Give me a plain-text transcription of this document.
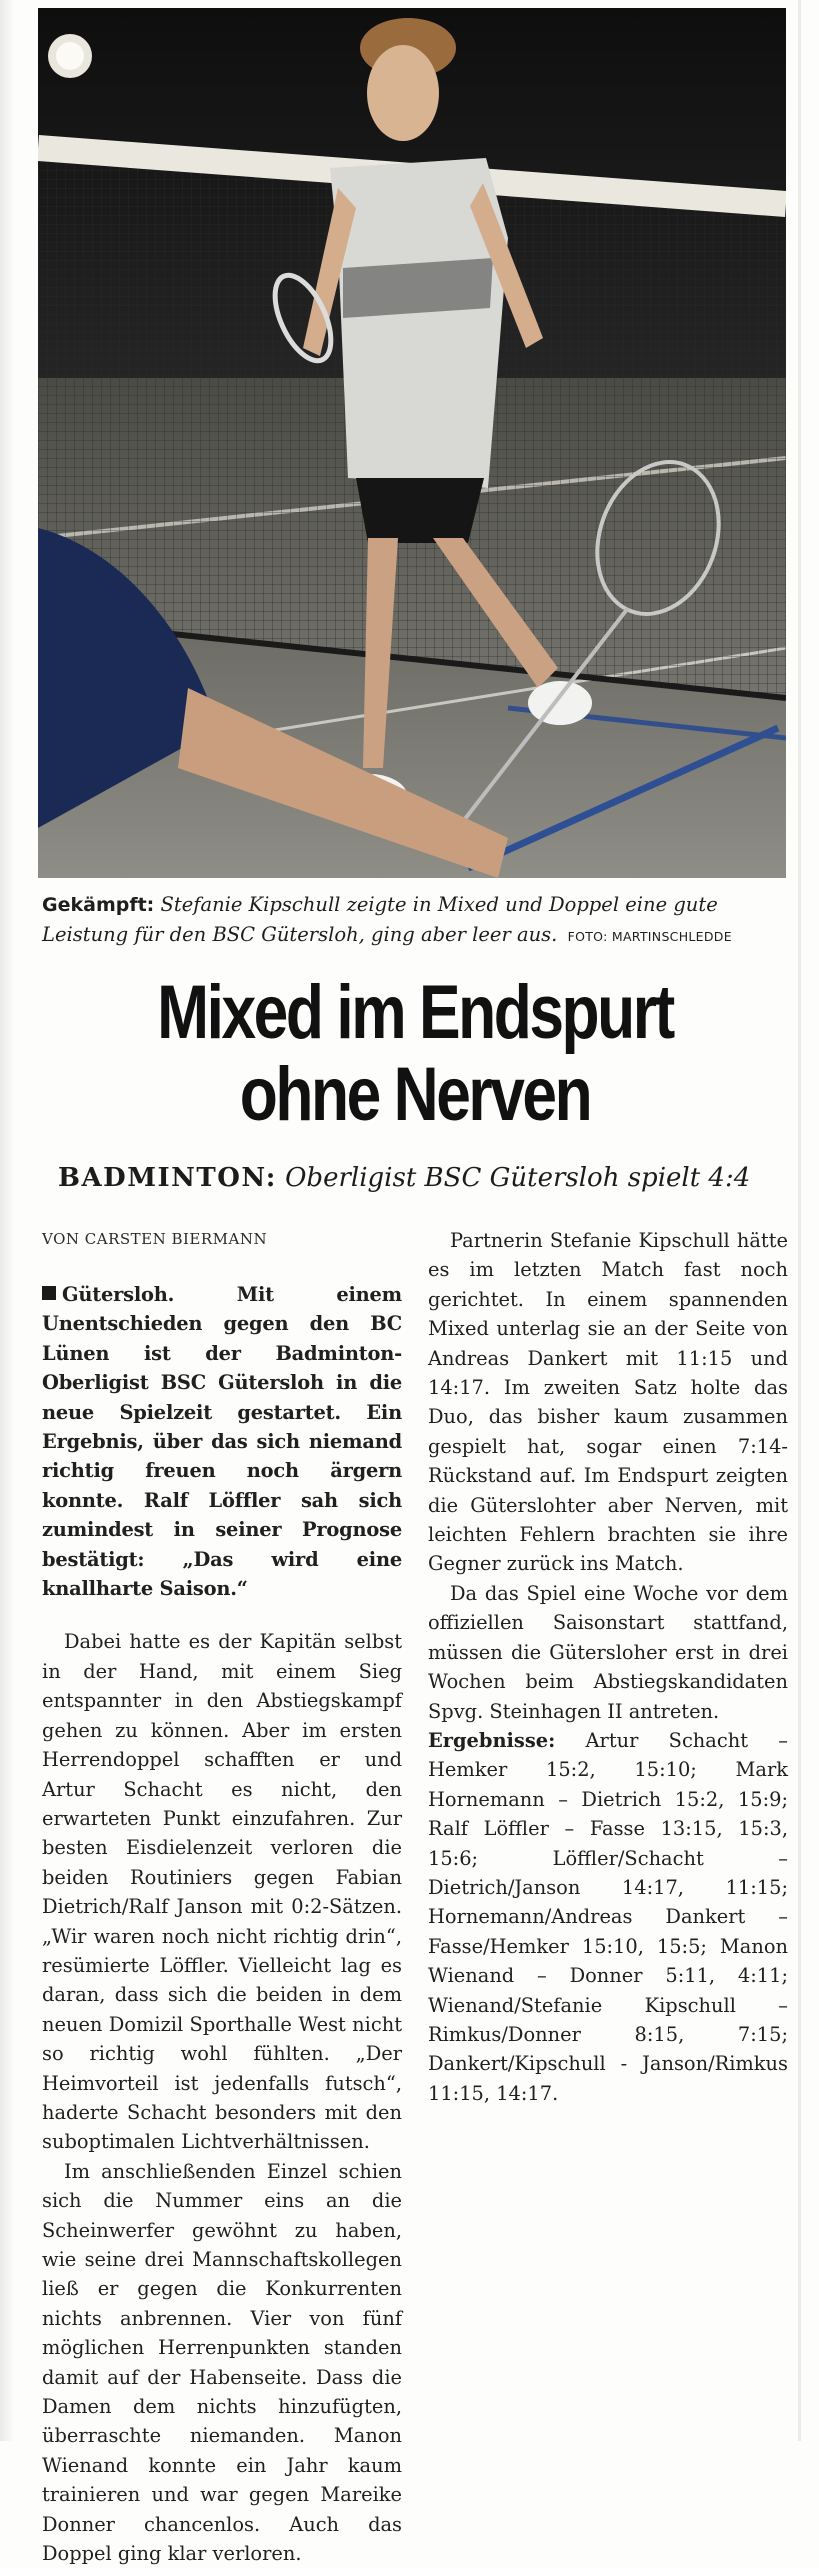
Gekämpft: Stefanie Kipschull zeigte in Mixed und Doppel eine gute Leistung für den BSC Gütersloh, ging aber leer aus. FOTO: MARTINSCHLEDDE
Mixed im Endspurt
ohne Nerven
BADMINTON: Oberligist BSC Gütersloh spielt 4:4
VON CARSTEN BIERMANN

Gütersloh. Mit einem Unentschieden gegen den BC Lünen ist der Badminton-Oberligist BSC Gütersloh in die neue Spielzeit gestartet. Ein Ergebnis, über das sich niemand richtig freuen noch ärgern konnte. Ralf Löffler sah sich zumindest in seiner Prognose bestätigt: „Das wird eine knallharte Saison.“

Dabei hatte es der Kapitän selbst in der Hand, mit einem Sieg entspannter in den Abstiegskampf gehen zu können. Aber im ersten Herrendoppel schafften er und Artur Schacht es nicht, den erwarteten Punkt einzufahren. Zur besten Eisdielenzeit verloren die beiden Routiniers gegen Fabian Dietrich/Ralf Janson mit 0:2-Sätzen. „Wir waren noch nicht richtig drin“, resümierte Löffler. Vielleicht lag es daran, dass sich die beiden in dem neuen Domizil Sporthalle West nicht so richtig wohl fühlten. „Der Heimvorteil ist jedenfalls futsch“, haderte Schacht besonders mit den suboptimalen Lichtverhältnissen.

Im anschließenden Einzel schien sich die Nummer eins an die Scheinwerfer gewöhnt zu haben, wie seine drei Mannschaftskollegen ließ er gegen die Konkurrenten nichts anbrennen. Vier von fünf möglichen Herrenpunkten standen damit auf der Habenseite. Dass die Damen dem nichts hinzufügten, überraschte niemanden. Manon Wienand konnte ein Jahr kaum trainieren und war gegen Mareike Donner chancenlos. Auch das Doppel ging klar verloren.

Partnerin Stefanie Kipschull hätte es im letzten Match fast noch gerichtet. In einem spannenden Mixed unterlag sie an der Seite von Andreas Dankert mit 11:15 und 14:17. Im zweiten Satz holte das Duo, das bisher kaum zusammen gespielt hat, sogar einen 7:14-Rückstand auf. Im Endspurt zeigten die Güterslohter aber Nerven, mit leichten Fehlern brachten sie ihre Gegner zurück ins Match.

Da das Spiel eine Woche vor dem offiziellen Saisonstart stattfand, müssen die Gütersloher erst in drei Wochen beim Abstiegskandidaten Spvg. Steinhagen II antreten.

Ergebnisse: Artur Schacht – Hemker 15:2, 15:10; Mark Hornemann – Dietrich 15:2, 15:9; Ralf Löffler – Fasse 13:15, 15:3, 15:6; Löffler/Schacht – Dietrich/Janson 14:17, 11:15; Hornemann/Andreas Dankert – Fasse/Hemker 15:10, 15:5; Manon Wienand – Donner 5:11, 4:11; Wienand/Stefanie Kipschull – Rimkus/Donner 8:15, 7:15; Dankert/Kipschull - Janson/Rimkus 11:15, 14:17.
